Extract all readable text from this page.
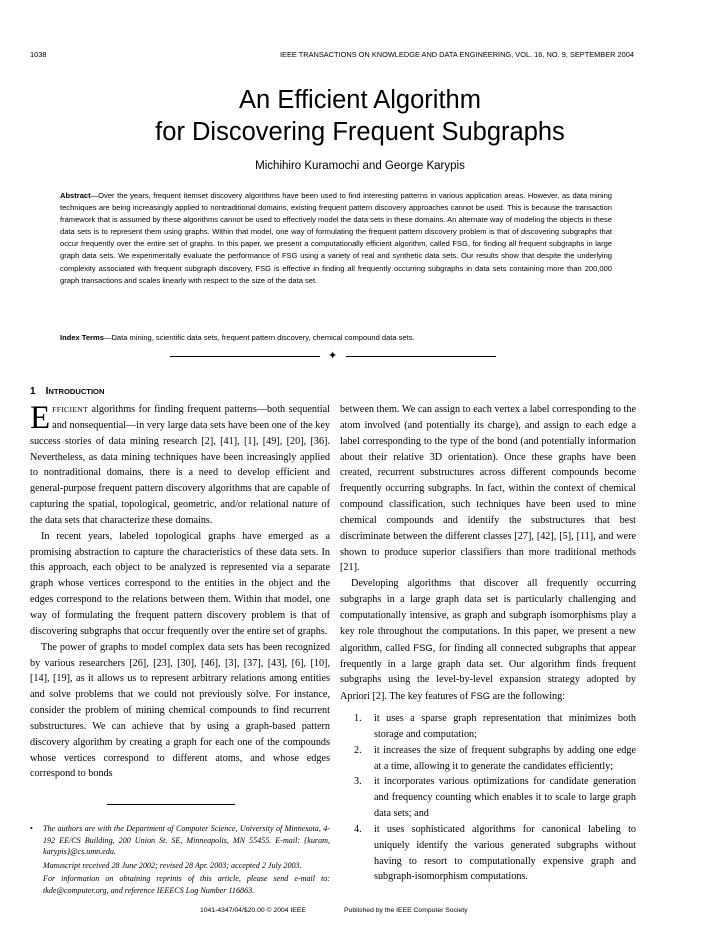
1038	IEEE TRANSACTIONS ON KNOWLEDGE AND DATA ENGINEERING, VOL. 16, NO. 9, SEPTEMBER 2004
An Efficient Algorithm
for Discovering Frequent Subgraphs
Michihiro Kuramochi and George Karypis
Abstract—Over the years, frequent itemset discovery algorithms have been used to find interesting patterns in various application areas. However, as data mining techniques are being increasingly applied to nontraditional domains, existing frequent pattern discovery approaches cannot be used. This is because the transaction framework that is assumed by these algorithms cannot be used to effectively model the data sets in these domains. An alternate way of modeling the objects in these data sets is to represent them using graphs. Within that model, one way of formulating the frequent pattern discovery problem is that of discovering subgraphs that occur frequently over the entire set of graphs. In this paper, we present a computationally efficient algorithm, called FSG, for finding all frequent subgraphs in large graph data sets. We experimentally evaluate the performance of FSG using a variety of real and synthetic data sets. Our results show that despite the underlying complexity associated with frequent subgraph discovery, FSG is effective in finding all frequently occurring subgraphs in data sets containing more than 200,000 graph transactions and scales linearly with respect to the size of the data set.
Index Terms—Data mining, scientific data sets, frequent pattern discovery, chemical compound data sets.
✦
1 INTRODUCTION

EFFICIENT algorithms for finding frequent patterns—both sequential and nonsequential—in very large data sets have been one of the key success stories of data mining research [2], [41], [1], [49], [20], [36]. Nevertheless, as data mining techniques have been increasingly applied to nontraditional domains, there is a need to develop efficient and general-purpose frequent pattern discovery algorithms that are capable of capturing the spatial, topological, geometric, and/or relational nature of the data sets that characterize these domains.

In recent years, labeled topological graphs have emerged as a promising abstraction to capture the characteristics of these data sets. In this approach, each object to be analyzed is represented via a separate graph whose vertices correspond to the entities in the object and the edges correspond to the relations between them. Within that model, one way of formulating the frequent pattern discovery problem is that of discovering subgraphs that occur frequently over the entire set of graphs.

The power of graphs to model complex data sets has been recognized by various researchers [26], [23], [30], [46], [3], [37], [43], [6], [10], [14], [19], as it allows us to represent arbitrary relations among entities and solve problems that we could not previously solve. For instance, consider the problem of mining chemical compounds to find recurrent substructures. We can achieve that by using a graph-based pattern discovery algorithm by creating a graph for each one of the compounds whose vertices correspond to different atoms, and whose edges correspond to bonds

between them. We can assign to each vertex a label corresponding to the atom involved (and potentially its charge), and assign to each edge a label corresponding to the type of the bond (and potentially information about their relative 3D orientation). Once these graphs have been created, recurrent substructures across different compounds become frequently occurring subgraphs. In fact, within the context of chemical compound classification, such techniques have been used to mine chemical compounds and identify the substructures that best discriminate between the different classes [27], [42], [5], [11], and were shown to produce superior classifiers than more traditional methods [21].

Developing algorithms that discover all frequently occurring subgraphs in a large graph data set is particularly challenging and computationally intensive, as graph and subgraph isomorphisms play a key role throughout the computations. In this paper, we present a new algorithm, called FSG, for finding all connected subgraphs that appear frequently in a large graph data set. Our algorithm finds frequent subgraphs using the level-by-level expansion strategy adopted by Apriori [2]. The key features of FSG are the following:

1. it uses a sparse graph representation that minimizes both storage and computation;
2. it increases the size of frequent subgraphs by adding one edge at a time, allowing it to generate the candidates efficiently;
3. it incorporates various optimizations for candidate generation and frequency counting which enables it to scale to large graph data sets; and
4. it uses sophisticated algorithms for canonical labeling to uniquely identify the various generated subgraphs without having to resort to computationally expensive graph and subgraph-isomorphism computations.

• The authors are with the Department of Computer Science, University of Minnesota, 4-192 EE/CS Building, 200 Union St. SE, Minneapolis, MN 55455. E-mail: {kuram, karypis}@cs.umn.edu.

Manuscript received 28 June 2002; revised 28 Apr. 2003; accepted 2 July 2003.

For information on obtaining reprints of this article, please send e-mail to: tkde@computer.org, and reference IEEECS Log Number 116863.

1041-4347/04/$20.00 © 2004 IEEE	Published by the IEEE Computer Society
